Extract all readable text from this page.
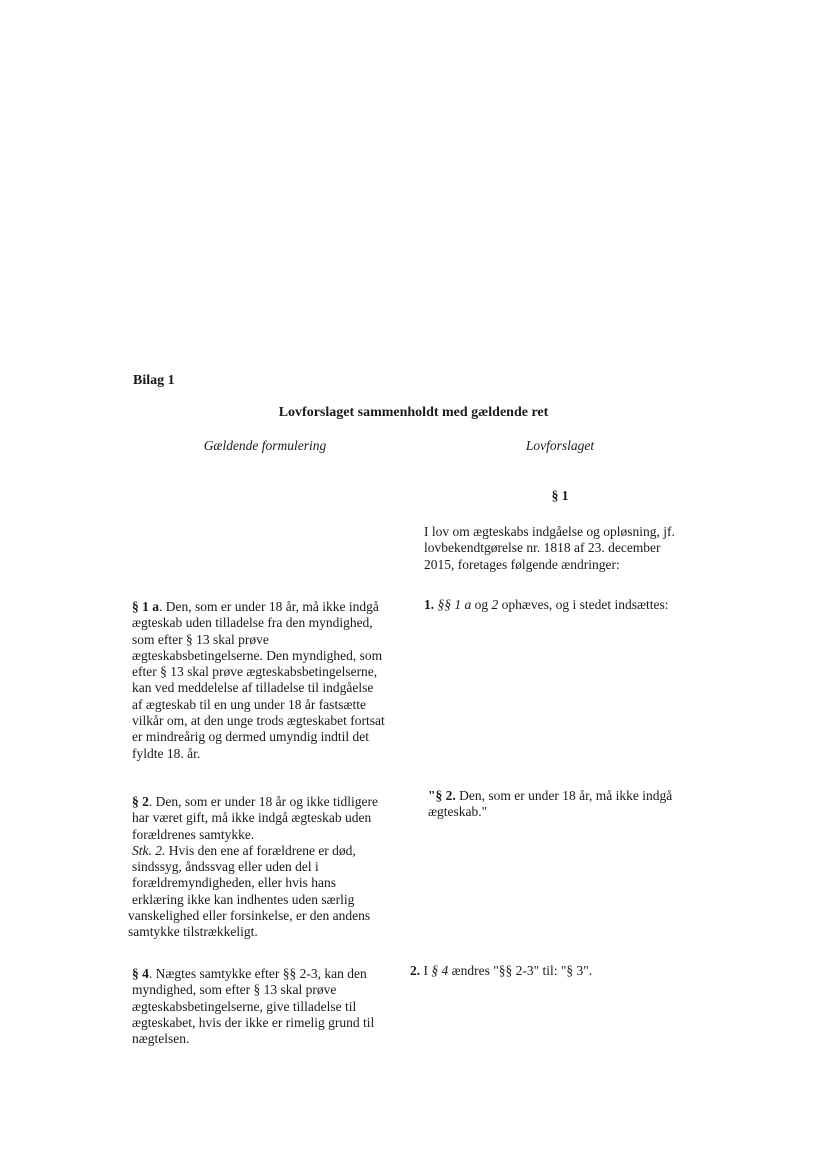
Bilag 1
Lovforslaget sammenholdt med gældende ret
Gældende formulering	Lovforslaget
§ 1
I lov om ægteskabs indgåelse og opløsning, jf.
lovbekendtgørelse nr. 1818 af 23. december
2015, foretages følgende ændringer:
§ 1 a. Den, som er under 18 år, må ikke indgå
ægteskab uden tilladelse fra den myndighed,
som efter § 13 skal prøve
ægteskabsbetingelserne. Den myndighed, som
efter § 13 skal prøve ægteskabsbetingelserne,
kan ved meddelelse af tilladelse til indgåelse
af ægteskab til en ung under 18 år fastsætte
vilkår om, at den unge trods ægteskabet fortsat
er mindreårig og dermed umyndig indtil det
fyldte 18. år.
1. §§ 1 a og 2 ophæves, og i stedet indsættes:
§ 2. Den, som er under 18 år og ikke tidligere
har været gift, må ikke indgå ægteskab uden
forældrenes samtykke.
Stk. 2. Hvis den ene af forældrene er død,
sindssyg, åndssvag eller uden del i
forældremyndigheden, eller hvis hans
erklæring ikke kan indhentes uden særlig
vanskelighed eller forsinkelse, er den andens
samtykke tilstrækkeligt.
"§ 2. Den, som er under 18 år, må ikke indgå
ægteskab."
§ 4. Nægtes samtykke efter §§ 2-3, kan den
myndighed, som efter § 13 skal prøve
ægteskabsbetingelserne, give tilladelse til
ægteskabet, hvis der ikke er rimelig grund til
nægtelsen.
2. I § 4 ændres "§§ 2-3" til: "§ 3".
